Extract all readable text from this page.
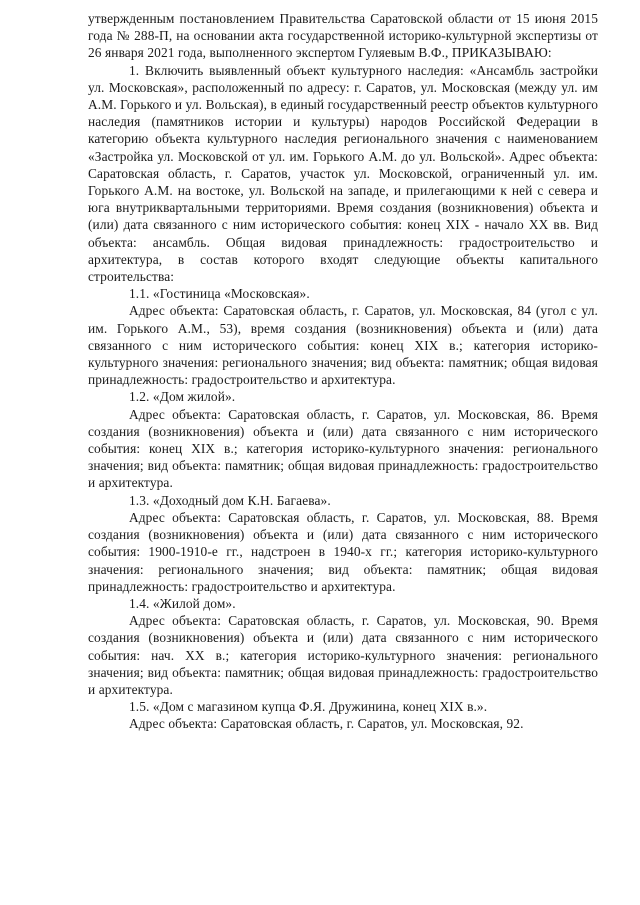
утвержденным постановлением Правительства Саратовской области от 15 июня 2015 года № 288-П, на основании акта государственной историко-культурной экспертизы от 26 января 2021 года, выполненного экспертом Гуляевым В.Ф., ПРИКАЗЫВАЮ:

1. Включить выявленный объект культурного наследия: «Ансамбль застройки ул. Московская», расположенный по адресу: г. Саратов, ул. Московская (между ул. им А.М. Горького и ул. Вольская), в единый государственный реестр объектов культурного наследия (памятников истории и культуры) народов Российской Федерации в категорию объекта культурного наследия регионального значения с наименованием «Застройка ул. Московской от ул. им. Горького А.М. до ул. Вольской». Адрес объекта: Саратовская область, г. Саратов, участок ул. Московской, ограниченный ул. им. Горького А.М. на востоке, ул. Вольской на западе, и прилегающими к ней с севера и юга внутриквартальными территориями. Время создания (возникновения) объекта и (или) дата связанного с ним исторического события: конец XIX - начало XX вв. Вид объекта: ансамбль. Общая видовая принадлежность: градостроительство и архитектура, в состав которого входят следующие объекты капитального строительства:

1.1. «Гостиница «Московская».

Адрес объекта: Саратовская область, г. Саратов, ул. Московская, 84 (угол с ул. им. Горького А.М., 53), время создания (возникновения) объекта и (или) дата связанного с ним исторического события: конец XIX в.; категория историко-культурного значения: регионального значения; вид объекта: памятник; общая видовая принадлежность: градостроительство и архитектура.

1.2. «Дом жилой».

Адрес объекта: Саратовская область, г. Саратов, ул. Московская, 86. Время создания (возникновения) объекта и (или) дата связанного с ним исторического события: конец XIX в.; категория историко-культурного значения: регионального значения; вид объекта: памятник; общая видовая принадлежность: градостроительство и архитектура.

1.3. «Доходный дом К.Н. Багаева».

Адрес объекта: Саратовская область, г. Саратов, ул. Московская, 88. Время создания (возникновения) объекта и (или) дата связанного с ним исторического события: 1900-1910-е гг., надстроен в 1940-х гг.; категория историко-культурного значения: регионального значения; вид объекта: памятник; общая видовая принадлежность: градостроительство и архитектура.

1.4. «Жилой дом».

Адрес объекта: Саратовская область, г. Саратов, ул. Московская, 90. Время создания (возникновения) объекта и (или) дата связанного с ним исторического события: нач. XX в.; категория историко-культурного значения: регионального значения; вид объекта: памятник; общая видовая принадлежность: градостроительство и архитектура.

1.5. «Дом с магазином купца Ф.Я. Дружинина, конец XIX в.».

Адрес объекта: Саратовская область, г. Саратов, ул. Московская, 92.
